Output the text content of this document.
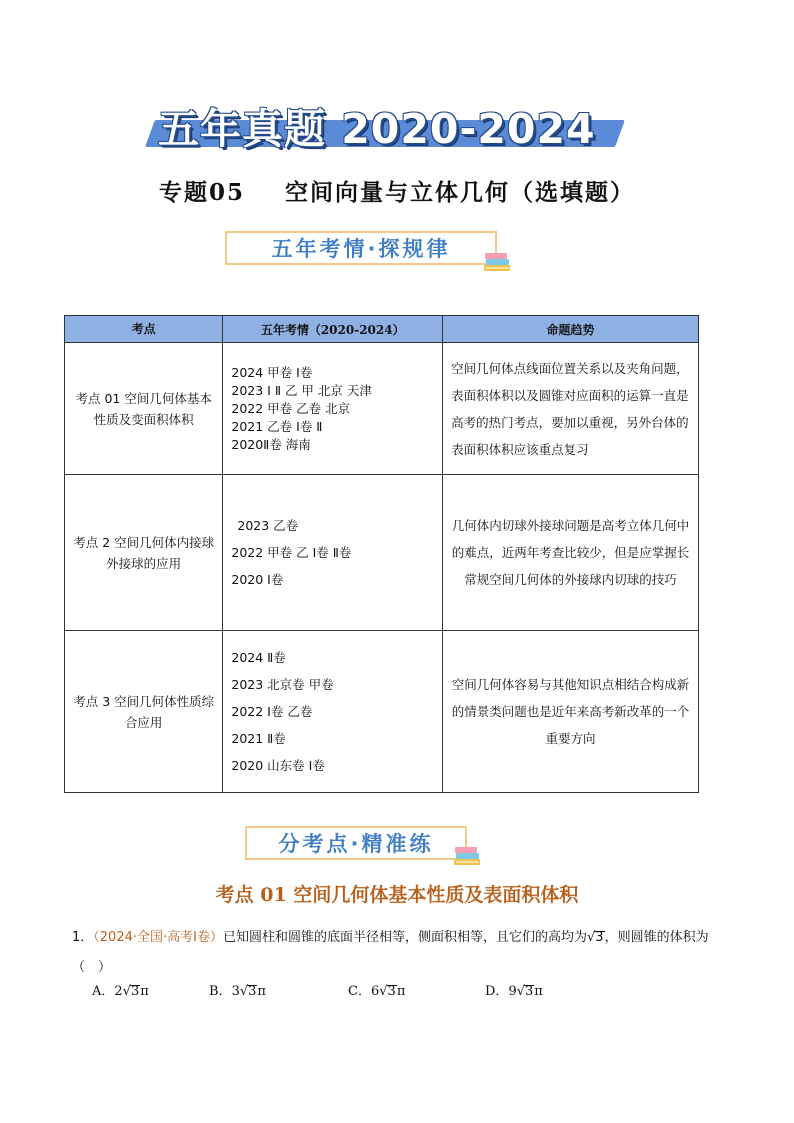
五年真题 2020-2024
专题05 空间向量与立体几何（选填题）
五年考情·探规律
考点	五年考情（2020-2024）	命题趋势

考点 01 空间几何体基本性质及变面积体积	2024 甲卷 Ⅰ卷
2023 Ⅰ Ⅱ 乙 甲 北京 天津
2022 甲卷 乙卷 北京
2021 乙卷 Ⅰ卷 Ⅱ
2020Ⅱ卷 海南	空间几何体点线面位置关系以及夹角问题，表面积体积以及圆锥对应面积的运算一直是高考的热门考点，要加以重视，另外台体的表面积体积应该重点复习

考点 2 空间几何体内接球外接球的应用	2023 乙卷
2022 甲卷 乙 Ⅰ卷 Ⅱ卷
2020 Ⅰ卷	几何体内切球外接球问题是高考立体几何中的难点，近两年考查比较少，但是应掌握长常规空间几何体的外接球内切球的技巧

考点 3 空间几何体性质综合应用	2024 Ⅱ卷
2023 北京卷 甲卷
2022 Ⅰ卷 乙卷
2021 Ⅱ卷
2020 山东卷 Ⅰ卷	空间几何体容易与其他知识点相结合构成新的情景类问题也是近年来高考新改革的一个重要方向
分考点·精准练
考点 01 空间几何体基本性质及表面积体积
1．（2024·全国·高考Ⅰ卷）已知圆柱和圆锥的底面半径相等，侧面积相等，且它们的高均为√3，则圆锥的体积为（　）
A．2√3π	B．3√3π	C．6√3π	D．9√3π
